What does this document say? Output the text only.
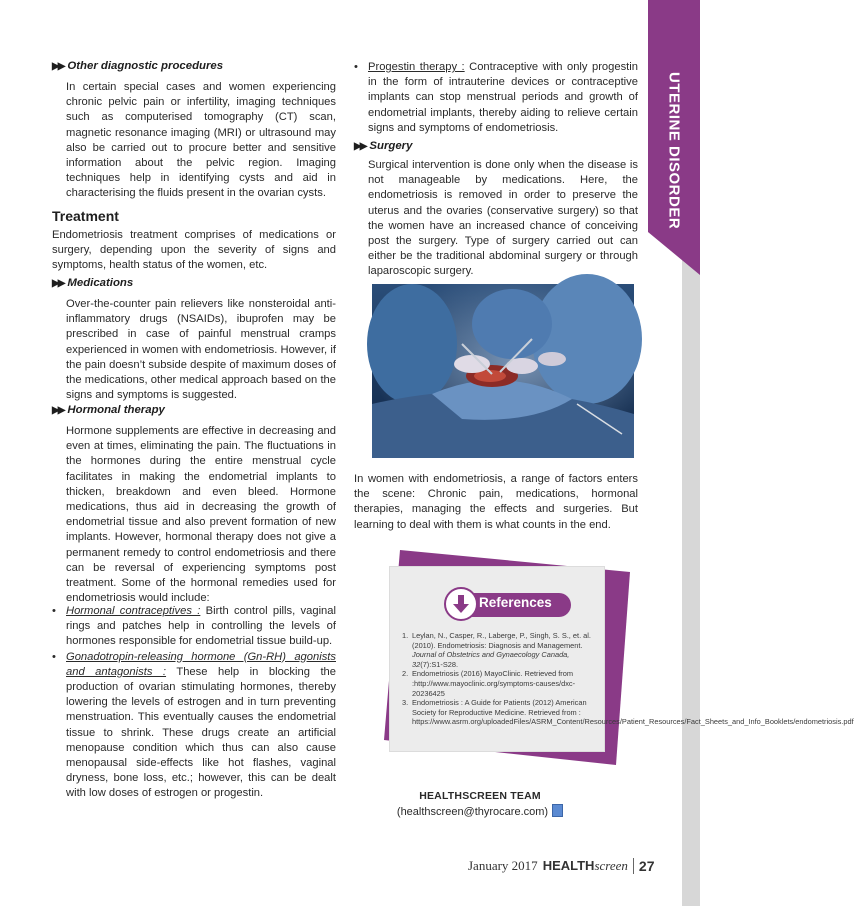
UTERINE DISORDER
▶▶ Other diagnostic procedures

In certain special cases and women experiencing chronic pelvic pain or infertility, imaging techniques such as computerised tomography (CT) scan, magnetic resonance imaging (MRI) or ultrasound may also be carried out to procure better and sensitive information about the pelvic region. Imaging techniques help in identifying cysts and aid in characterising the fluids present in the ovarian cysts.

Treatment

Endometriosis treatment comprises of medications or surgery, depending upon the severity of signs and symptoms, health status of the women, etc.

▶▶ Medications

Over-the-counter pain relievers like nonsteroidal anti-inflammatory drugs (NSAIDs), ibuprofen may be prescribed in case of painful menstrual cramps experienced in women with endometriosis. However, if the pain doesn’t subside despite of maximum doses of the medications, other medical approach based on the signs and symptoms is suggested.

▶▶ Hormonal therapy

Hormone supplements are effective in decreasing and even at times, eliminating the pain. The fluctuations in the hormones during the entire menstrual cycle facilitates in making the endometrial implants to thicken, breakdown and even bleed. Hormone medications, thus aid in decreasing the growth of endometrial tissue and also prevent formation of new implants. However, hormonal therapy does not give a permanent remedy to control endometriosis and there can be reversal of experiencing symptoms post treatment. Some of the hormonal remedies used for endometriosis would include:

• Hormonal contraceptives : Birth control pills, vaginal rings and patches help in controlling the levels of hormones responsible for endometrial tissue build-up.
• Gonadotropin-releasing hormone (Gn-RH) agonists and antagonists : These help in blocking the production of ovarian stimulating hormones, thereby lowering the levels of estrogen and in turn preventing menstruation. This eventually causes the endometrial tissue to shrink. These drugs create an artificial menopause condition which thus can also cause menopausal side-effects like hot flashes, vaginal dryness, bone loss, etc.; however, this can be dealt with low doses of estrogen or progestin.
• Progestin therapy : Contraceptive with only progestin in the form of intrauterine devices or contraceptive implants can stop menstrual periods and growth of endometrial implants, thereby aiding to relieve certain signs and symptoms of endometriosis.
▶▶ Surgery

Surgical intervention is done only when the disease is not manageable by medications. Here, the endometriosis is removed in order to preserve the uterus and the ovaries (conservative surgery) so that the women have an increased chance of conceiving post the surgery. Type of surgery carried out can either be the traditional abdominal surgery or through laparoscopic surgery.

In women with endometriosis, a range of factors enters the scene: Chronic pain, medications, hormonal therapies, managing the effects and surgeries. But learning to deal with them is what counts in the end.

References
1. Leylan, N., Casper, R., Laberge, P., Singh, S. S., et. al. (2010). Endometriosis: Diagnosis and Management. Journal of Obstetrics and Gynaecology Canada, 32(7):S1-S28.
2. Endometriosis (2016) MayoClinic. Retrieved from :http://www.mayoclinic.org/symptoms-causes/dxc-20236425
3. Endometriosis : A Guide for Patients (2012) American Society for Reproductive Medicine. Retrieved from : https://www.asrm.org/uploadedFiles/ASRM_Content/Resources/Patient_Resources/Fact_Sheets_and_Info_Booklets/endometriosis.pdf
HEALTHSCREEN TEAM
(healthscreen@thyrocare.com)
January 2017 HEALTHscreen 27
